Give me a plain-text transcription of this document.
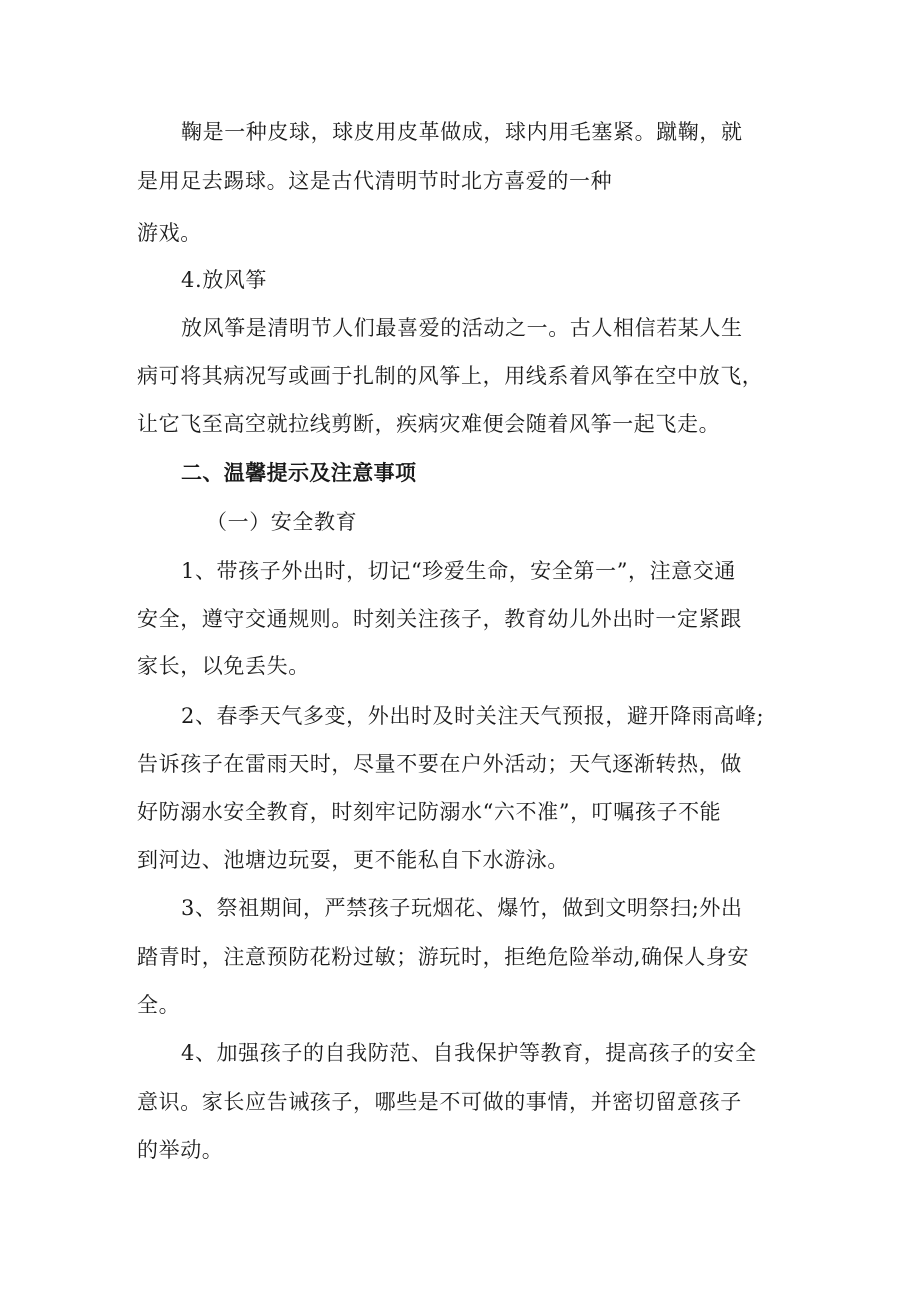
鞠是一种皮球，球皮用皮革做成，球内用毛塞紧。蹴鞠，就
是用足去踢球。这是古代清明节时北方喜爱的一种
游戏。
4.放风筝
放风筝是清明节人们最喜爱的活动之一。古人相信若某人生
病可将其病况写或画于扎制的风筝上，用线系着风筝在空中放飞，
让它飞至高空就拉线剪断，疾病灾难便会随着风筝一起飞走。
二、温馨提示及注意事项
（一）安全教育
1、带孩子外出时，切记“珍爱生命，安全第一”，注意交通
安全，遵守交通规则。时刻关注孩子，教育幼儿外出时一定紧跟
家长，以免丢失。
2、春季天气多变，外出时及时关注天气预报，避开降雨高峰;
告诉孩子在雷雨天时，尽量不要在户外活动；天气逐渐转热，做
好防溺水安全教育，时刻牢记防溺水“六不准”，叮嘱孩子不能
到河边、池塘边玩耍，更不能私自下水游泳。
3、祭祖期间，严禁孩子玩烟花、爆竹，做到文明祭扫;外出
踏青时，注意预防花粉过敏；游玩时，拒绝危险举动,确保人身安
全。
4、加强孩子的自我防范、自我保护等教育，提高孩子的安全
意识。家长应告诫孩子，哪些是不可做的事情，并密切留意孩子
的举动。
